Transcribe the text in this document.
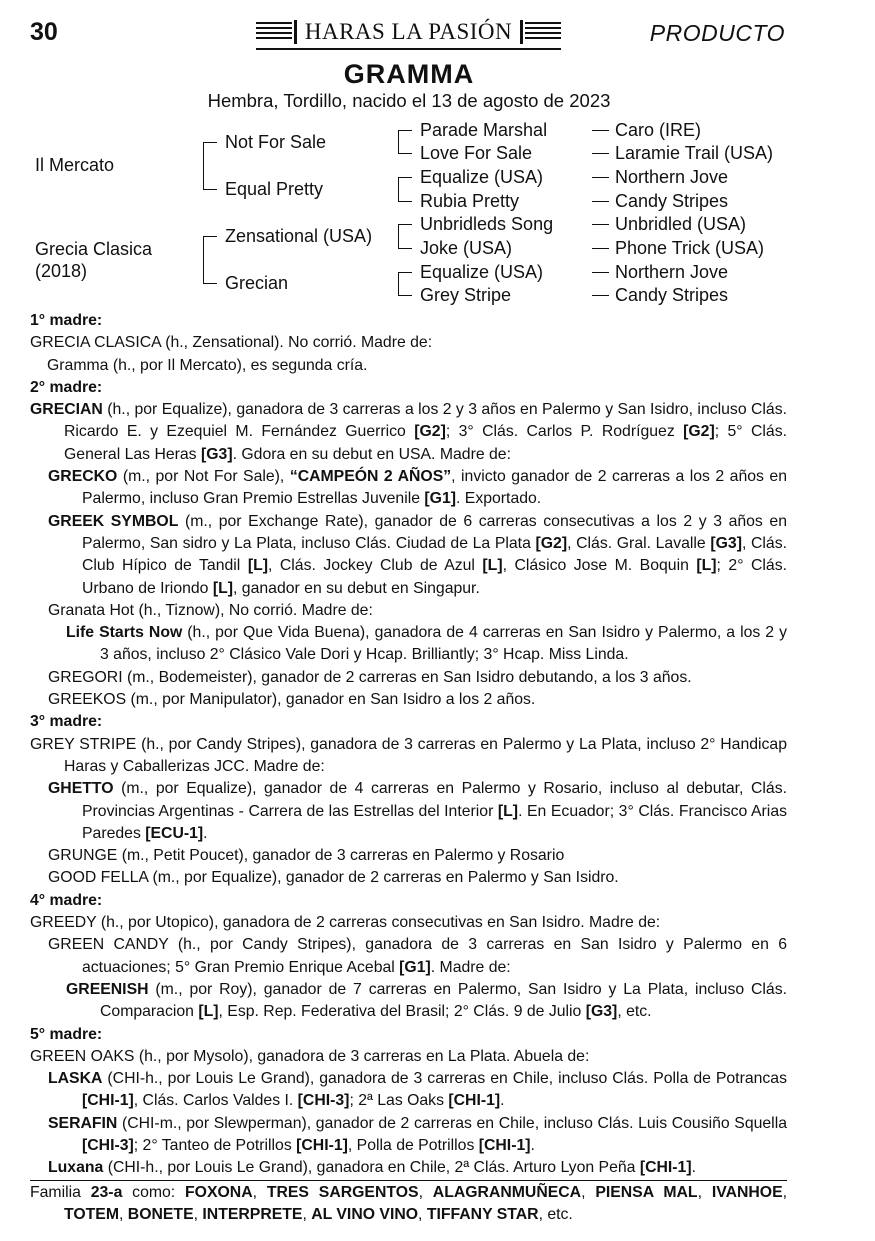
30	HARAS LA PASIÓN	PRODUCTO
GRAMMA
Hembra, Tordillo, nacido el 13 de agosto de 2023
Il Mercato
Grecia Clasica
(2018)
Not For Sale
Equal Pretty
Zensational (USA)
Grecian
Parade Marshal
Love For Sale
Equalize (USA)
Rubia Pretty
Unbridleds Song
Joke (USA)
Equalize (USA)
Grey Stripe
Caro (IRE)
Laramie Trail (USA)
Northern Jove
Candy Stripes
Unbridled (USA)
Phone Trick (USA)
Northern Jove
Candy Stripes

1° madre:

GRECIA CLASICA (h., Zensational). No corrió. Madre de:

Gramma (h., por Il Mercato), es segunda cría.

2° madre:

GRECIAN (h., por Equalize), ganadora de 3 carreras a los 2 y 3 años en Palermo y San Isidro, incluso Clás. Ricardo E. y Ezequiel M. Fernández Guerrico [G2]; 3° Clás. Carlos P. Rodríguez [G2]; 5° Clás. General Las Heras [G3]. Gdora en su debut en USA. Madre de:

GRECKO (m., por Not For Sale), “CAMPEÓN 2 AÑOS”, invicto ganador de 2 carreras a los 2 años en Palermo, incluso Gran Premio Estrellas Juvenile [G1]. Exportado.

GREEK SYMBOL (m., por Exchange Rate), ganador de 6 carreras consecutivas a los 2 y 3 años en Palermo, San sidro y La Plata, incluso Clás. Ciudad de La Plata [G2], Clás. Gral. Lavalle [G3], Clás. Club Hípico de Tandil [L], Clás. Jockey Club de Azul [L], Clásico Jose M. Boquin [L]; 2° Clás. Urbano de Iriondo [L], ganador en su debut en Singapur.

Granata Hot (h., Tiznow), No corrió. Madre de:

Life Starts Now (h., por Que Vida Buena), ganadora de 4 carreras en San Isidro y Palermo, a los 2 y 3 años, incluso 2° Clásico Vale Dori y Hcap. Brilliantly; 3° Hcap. Miss Linda.

GREGORI (m., Bodemeister), ganador de 2 carreras en San Isidro debutando, a los 3 años.

GREEKOS (m., por Manipulator), ganador en San Isidro a los 2 años.

3° madre:

GREY STRIPE (h., por Candy Stripes), ganadora de 3 carreras en Palermo y La Plata, incluso 2° Handicap Haras y Caballerizas JCC. Madre de:

GHETTO (m., por Equalize), ganador de 4 carreras en Palermo y Rosario, incluso al debutar, Clás. Provincias Argentinas - Carrera de las Estrellas del Interior [L]. En Ecuador; 3° Clás. Francisco Arias Paredes [ECU-1].

GRUNGE (m., Petit Poucet), ganador de 3 carreras en Palermo y Rosario

GOOD FELLA (m., por Equalize), ganador de 2 carreras en Palermo y San Isidro.

4° madre:

GREEDY (h., por Utopico), ganadora de 2 carreras consecutivas en San Isidro. Madre de:

GREEN CANDY (h., por Candy Stripes), ganadora de 3 carreras en San Isidro y Palermo en 6 actuaciones; 5° Gran Premio Enrique Acebal [G1]. Madre de:

GREENISH (m., por Roy), ganador de 7 carreras en Palermo, San Isidro y La Plata, incluso Clás. Comparacion [L], Esp. Rep. Federativa del Brasil; 2° Clás. 9 de Julio [G3], etc.

5° madre:

GREEN OAKS (h., por Mysolo), ganadora de 3 carreras en La Plata. Abuela de:

LASKA (CHI-h., por Louis Le Grand), ganadora de 3 carreras en Chile, incluso Clás. Polla de Potrancas [CHI-1], Clás. Carlos Valdes I. [CHI-3]; 2ª Las Oaks [CHI-1].

SERAFIN (CHI-m., por Slewperman), ganador de 2 carreras en Chile, incluso Clás. Luis Cousiño Squella [CHI-3]; 2° Tanteo de Potrillos [CHI-1], Polla de Potrillos [CHI-1].

Luxana (CHI-h., por Louis Le Grand), ganadora en Chile, 2ª Clás. Arturo Lyon Peña [CHI-1].

Familia 23-a como: FOXONA, TRES SARGENTOS, ALAGRANMUÑECA, PIENSA MAL, IVANHOE, TOTEM, BONETE, INTERPRETE, AL VINO VINO, TIFFANY STAR, etc.
